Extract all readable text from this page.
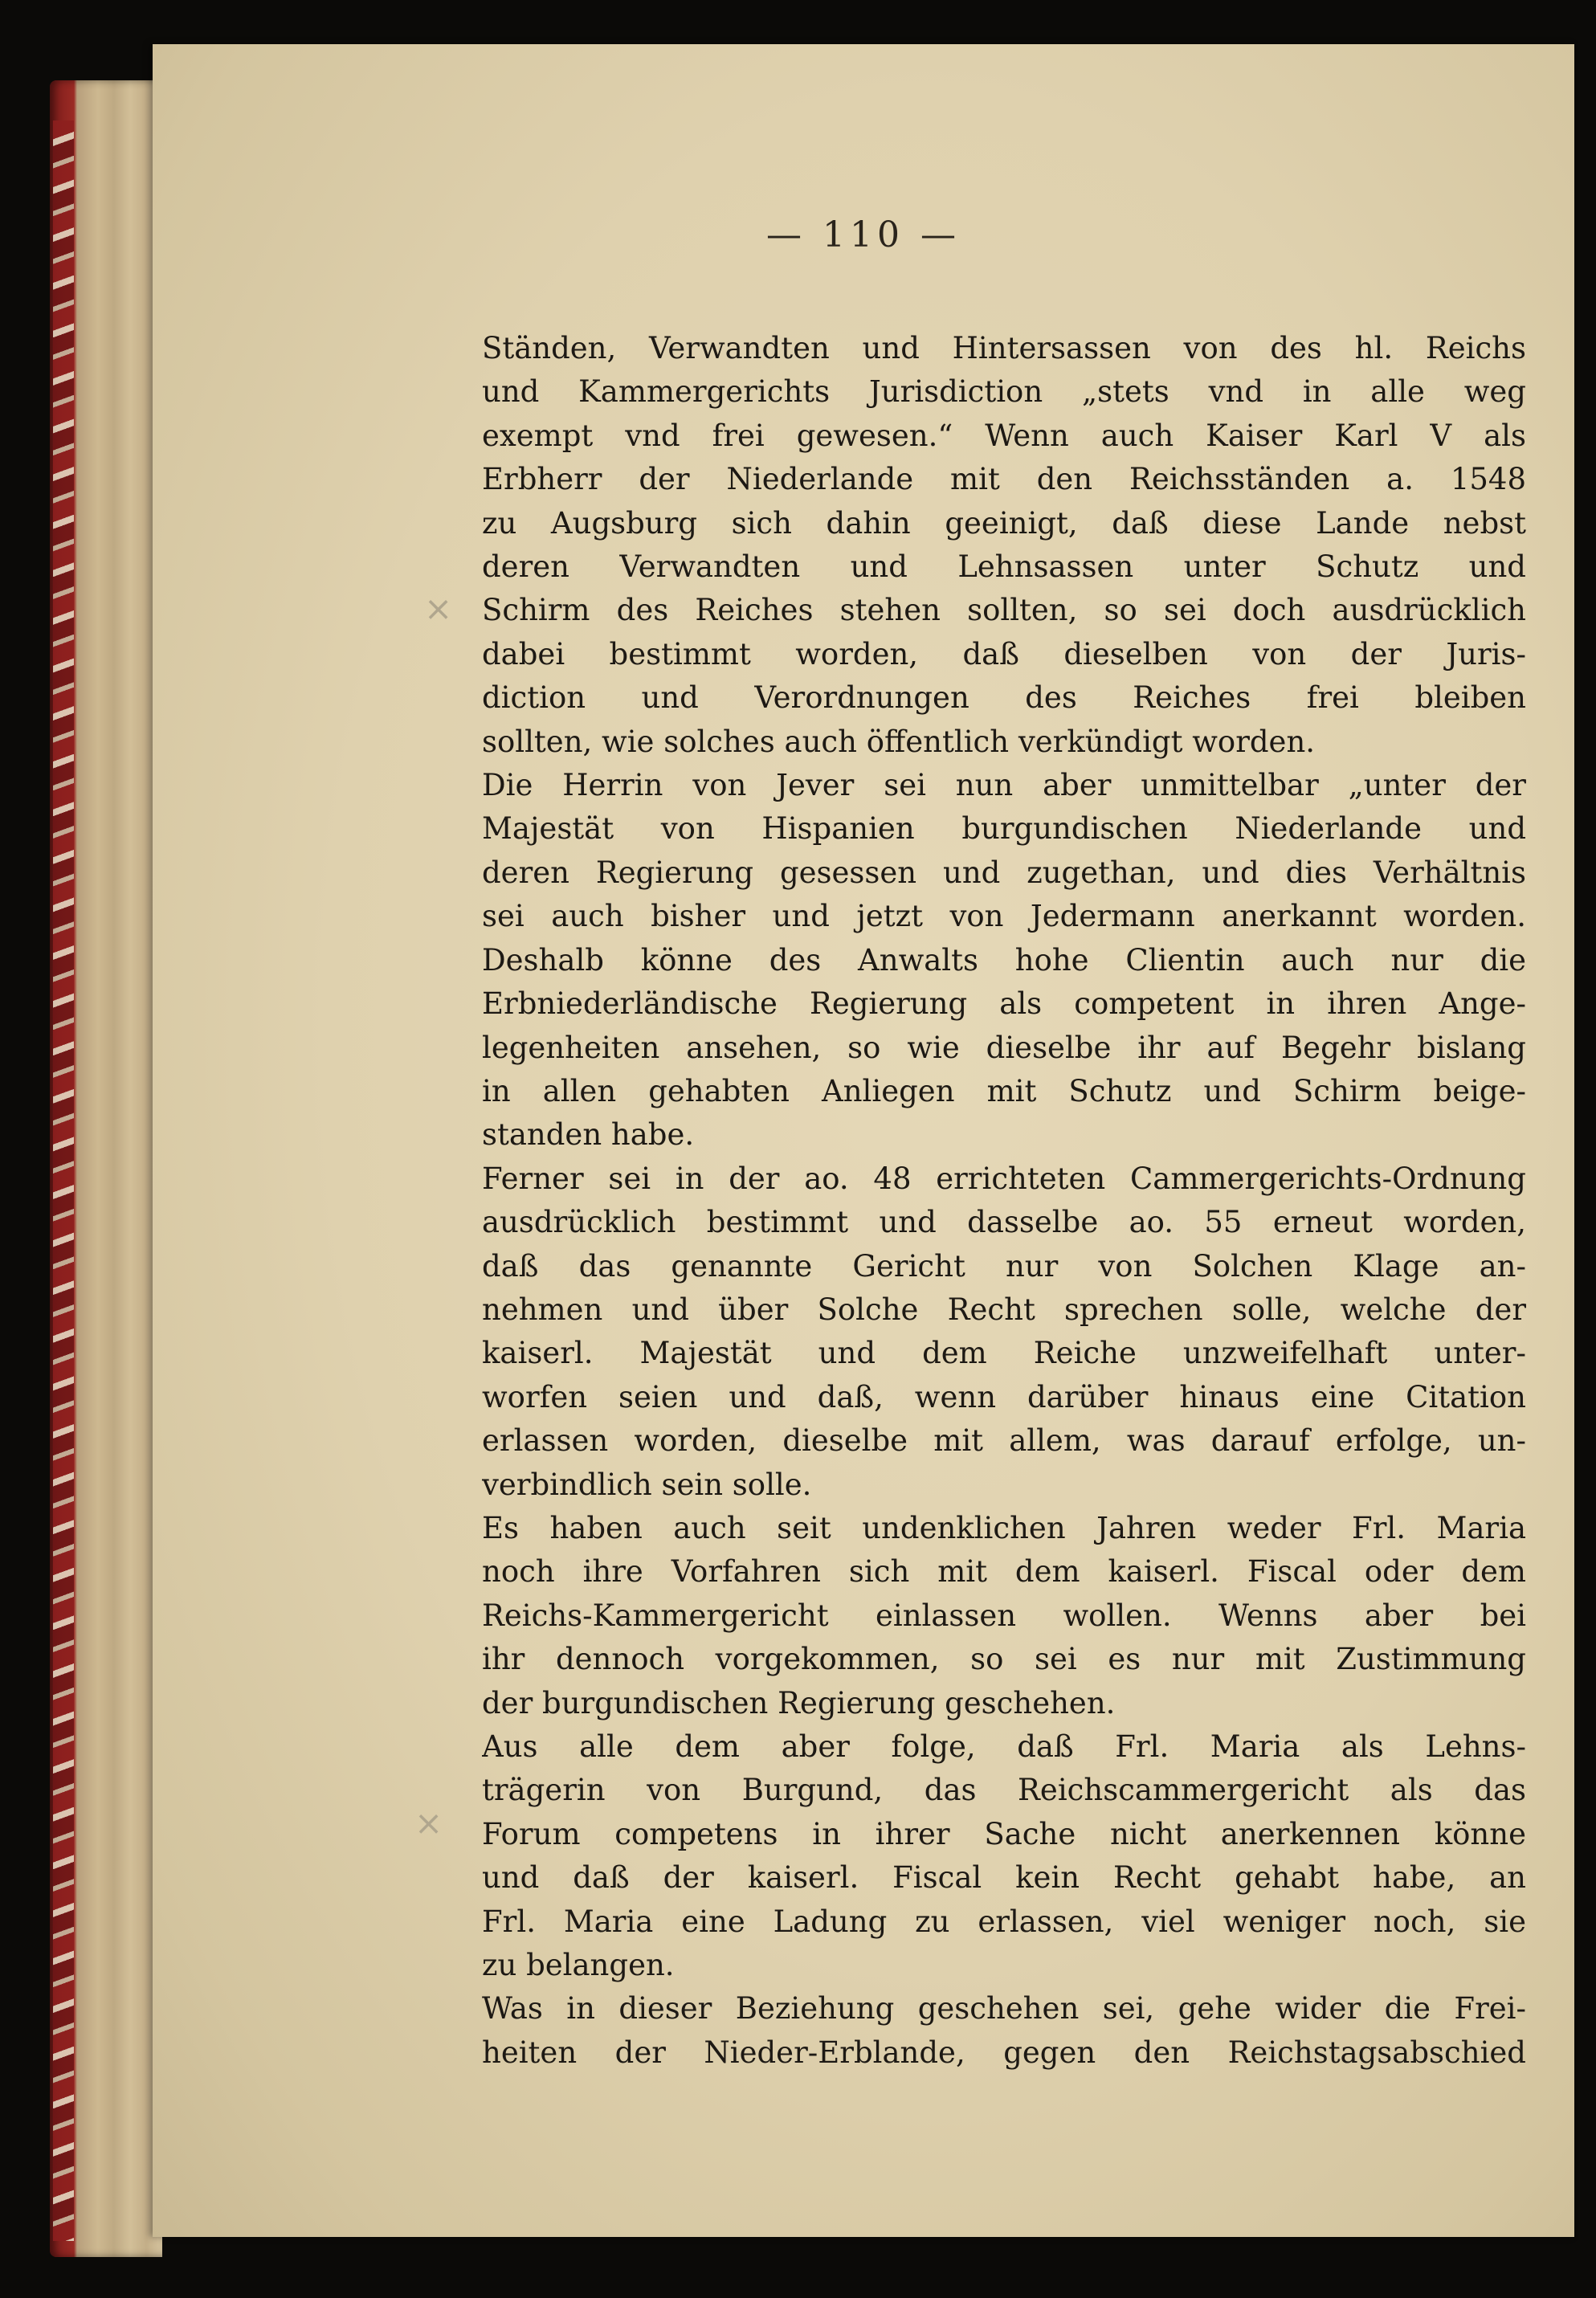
— 110 —
×
×

Ständen, Verwandten und Hintersassen von des hl. Reichs
und Kammergerichts Jurisdiction „stets vnd in alle weg
exempt vnd frei gewesen.“ Wenn auch Kaiser Karl V als
Erbherr der Niederlande mit den Reichsständen a. 1548
zu Augsburg sich dahin geeinigt, daß diese Lande nebst
deren Verwandten und Lehnsassen unter Schutz und
Schirm des Reiches stehen sollten, so sei doch ausdrücklich
dabei bestimmt worden, daß dieselben von der Juris-
diction und Verordnungen des Reiches frei bleiben
sollten, wie solches auch öffentlich verkündigt worden.

Die Herrin von Jever sei nun aber unmittelbar „unter der
Majestät von Hispanien burgundischen Niederlande und
deren Regierung gesessen und zugethan, und dies Verhältnis
sei auch bisher und jetzt von Jedermann anerkannt worden.
Deshalb könne des Anwalts hohe Clientin auch nur die
Erbniederländische Regierung als competent in ihren Ange-
legenheiten ansehen, so wie dieselbe ihr auf Begehr bislang
in allen gehabten Anliegen mit Schutz und Schirm beige-
standen habe.

Ferner sei in der ao. 48 errichteten Cammergerichts-Ordnung
ausdrücklich bestimmt und dasselbe ao. 55 erneut worden,
daß das genannte Gericht nur von Solchen Klage an-
nehmen und über Solche Recht sprechen solle, welche der
kaiserl. Majestät und dem Reiche unzweifelhaft unter-
worfen seien und daß, wenn darüber hinaus eine Citation
erlassen worden, dieselbe mit allem, was darauf erfolge, un-
verbindlich sein solle.

Es haben auch seit undenklichen Jahren weder Frl. Maria
noch ihre Vorfahren sich mit dem kaiserl. Fiscal oder dem
Reichs-Kammergericht einlassen wollen. Wenns aber bei
ihr dennoch vorgekommen, so sei es nur mit Zustimmung
der burgundischen Regierung geschehen.

Aus alle dem aber folge, daß Frl. Maria als Lehns-
trägerin von Burgund, das Reichscammergericht als das
Forum competens in ihrer Sache nicht anerkennen könne
und daß der kaiserl. Fiscal kein Recht gehabt habe, an
Frl. Maria eine Ladung zu erlassen, viel weniger noch, sie
zu belangen.

Was in dieser Beziehung geschehen sei, gehe wider die Frei-
heiten der Nieder-Erblande, gegen den Reichstagsabschied
